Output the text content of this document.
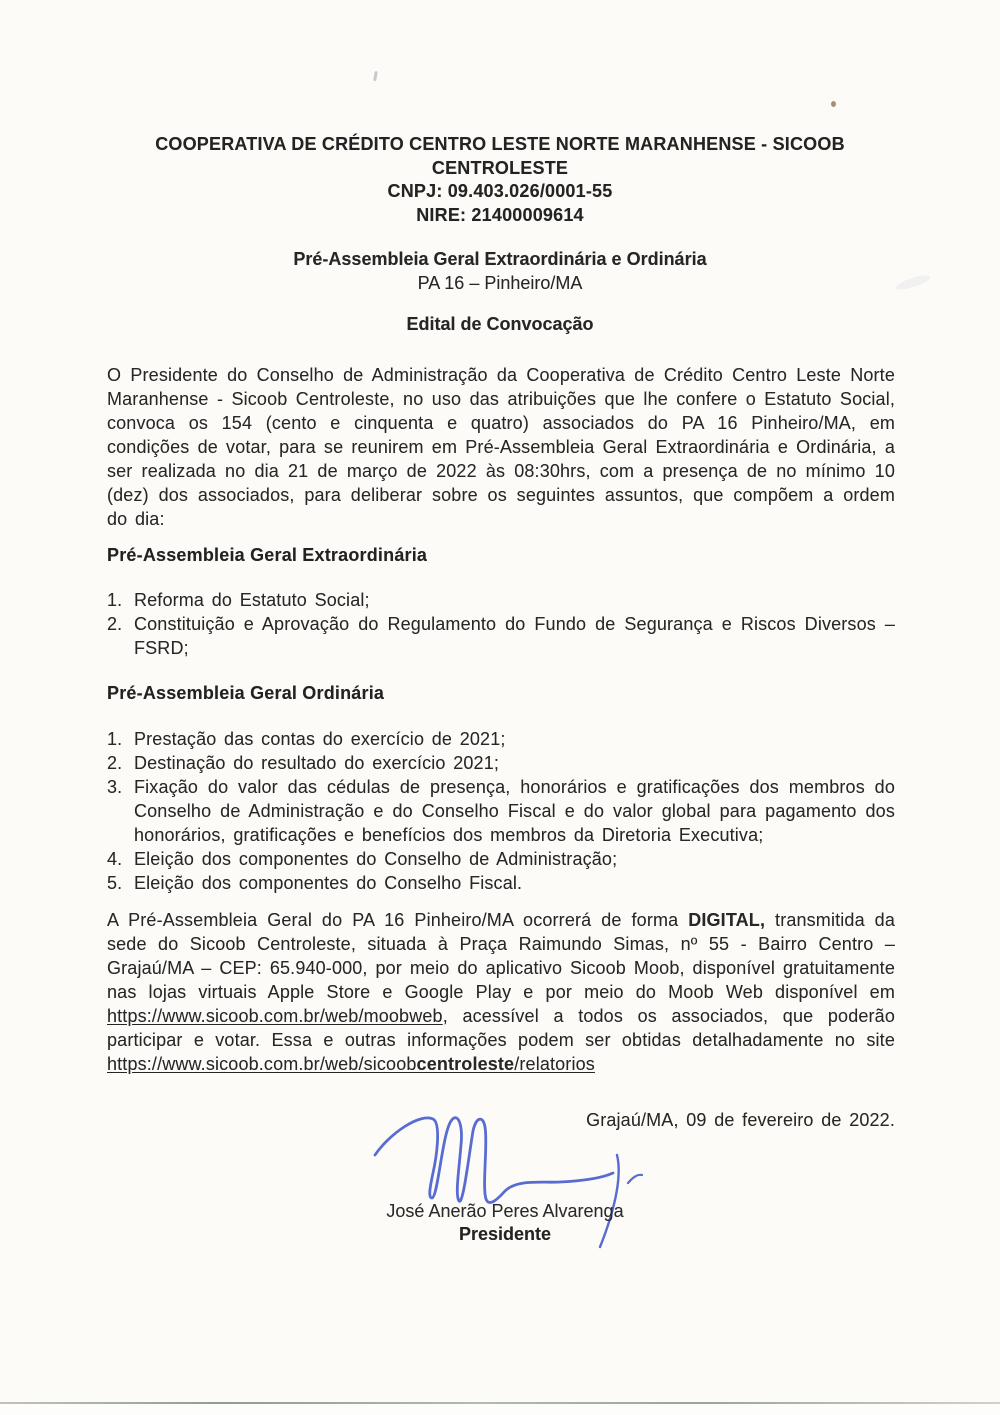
COOPERATIVA DE CRÉDITO CENTRO LESTE NORTE MARANHENSE - SICOOB CENTROLESTE
CNPJ: 09.403.026/0001-55
NIRE: 21400009614
Pré-Assembleia Geral Extraordinária e Ordinária
PA 16 – Pinheiro/MA
Edital de Convocação

O Presidente do Conselho de Administração da Cooperativa de Crédito Centro Leste Norte Maranhense - Sicoob Centroleste, no uso das atribuições que lhe confere o Estatuto Social, convoca os 154 (cento e cinquenta e quatro) associados do PA 16 Pinheiro/MA, em condições de votar, para se reunirem em Pré-Assembleia Geral Extraordinária e Ordinária, a ser realizada no dia 21 de março de 2022 às 08:30hrs, com a presença de no mínimo 10 (dez) dos associados, para deliberar sobre os seguintes assuntos, que compõem a ordem do dia:

Pré-Assembleia Geral Extraordinária
Reforma do Estatuto Social;
Constituição e Aprovação do Regulamento do Fundo de Segurança e Riscos Diversos – FSRD;
Pré-Assembleia Geral Ordinária
Prestação das contas do exercício de 2021;
Destinação do resultado do exercício 2021;
Fixação do valor das cédulas de presença, honorários e gratificações dos membros do Conselho de Administração e do Conselho Fiscal e do valor global para pagamento dos honorários, gratificações e benefícios dos membros da Diretoria Executiva;
Eleição dos componentes do Conselho de Administração;
Eleição dos componentes do Conselho Fiscal.

A Pré-Assembleia Geral do PA 16 Pinheiro/MA ocorrerá de forma DIGITAL, transmitida da sede do Sicoob Centroleste, situada à Praça Raimundo Simas, nº 55 - Bairro Centro – Grajaú/MA – CEP: 65.940-000, por meio do aplicativo Sicoob Moob, disponível gratuitamente nas lojas virtuais Apple Store e Google Play e por meio do Moob Web disponível em https://www.sicoob.com.br/web/moobweb, acessível a todos os associados, que poderão participar e votar. Essa e outras informações podem ser obtidas detalhadamente no site https://www.sicoob.com.br/web/sicoobcentroleste/relatorios

Grajaú/MA, 09 de fevereiro de 2022.
José Anerão Peres Alvarenga
Presidente
